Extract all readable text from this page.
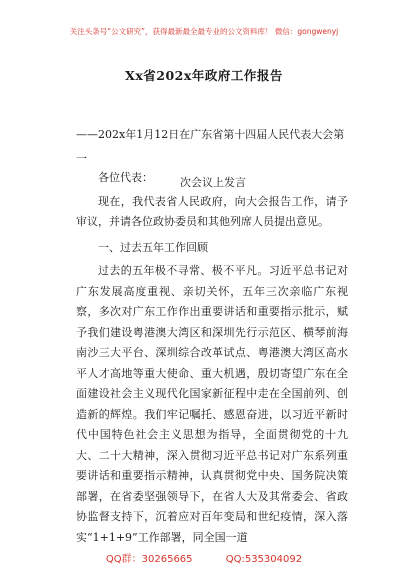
关注头条号“公文研究”，获得最新最全最专业的公文资料库！ 微信：gongwenyj
Xx省202x年政府工作报告

——202x年1月12日在广东省第十四届人民代表大会第一

次会议上发言

各位代表：

现在，我代表省人民政府，向大会报告工作，请予审议，并请各位政协委员和其他列席人员提出意见。

一、过去五年工作回顾

过去的五年极不寻常、极不平凡。习近平总书记对广东发展高度重视、亲切关怀，五年三次亲临广东视察，多次对广东工作作出重要讲话和重要指示批示，赋予我们建设粤港澳大湾区和深圳先行示范区、横琴前海南沙三大平台、深圳综合改革试点、粤港澳大湾区高水平人才高地等重大使命、重大机遇，殷切寄望广东在全面建设社会主义现代化国家新征程中走在全国前列、创造新的辉煌。我们牢记嘱托、感恩奋进，以习近平新时代中国特色社会主义思想为指导，全面贯彻党的十九大、二十大精神，深入贯彻习近平总书记对广东系列重要讲话和重要指示精神，认真贯彻党中央、国务院决策部署，在省委坚强领导下，在省人大及其常委会、省政协监督支持下，沉着应对百年变局和世纪疫情，深入落实“1+1+9”工作部署，同全国一道

QQ群：30265665	QQ:535304092
